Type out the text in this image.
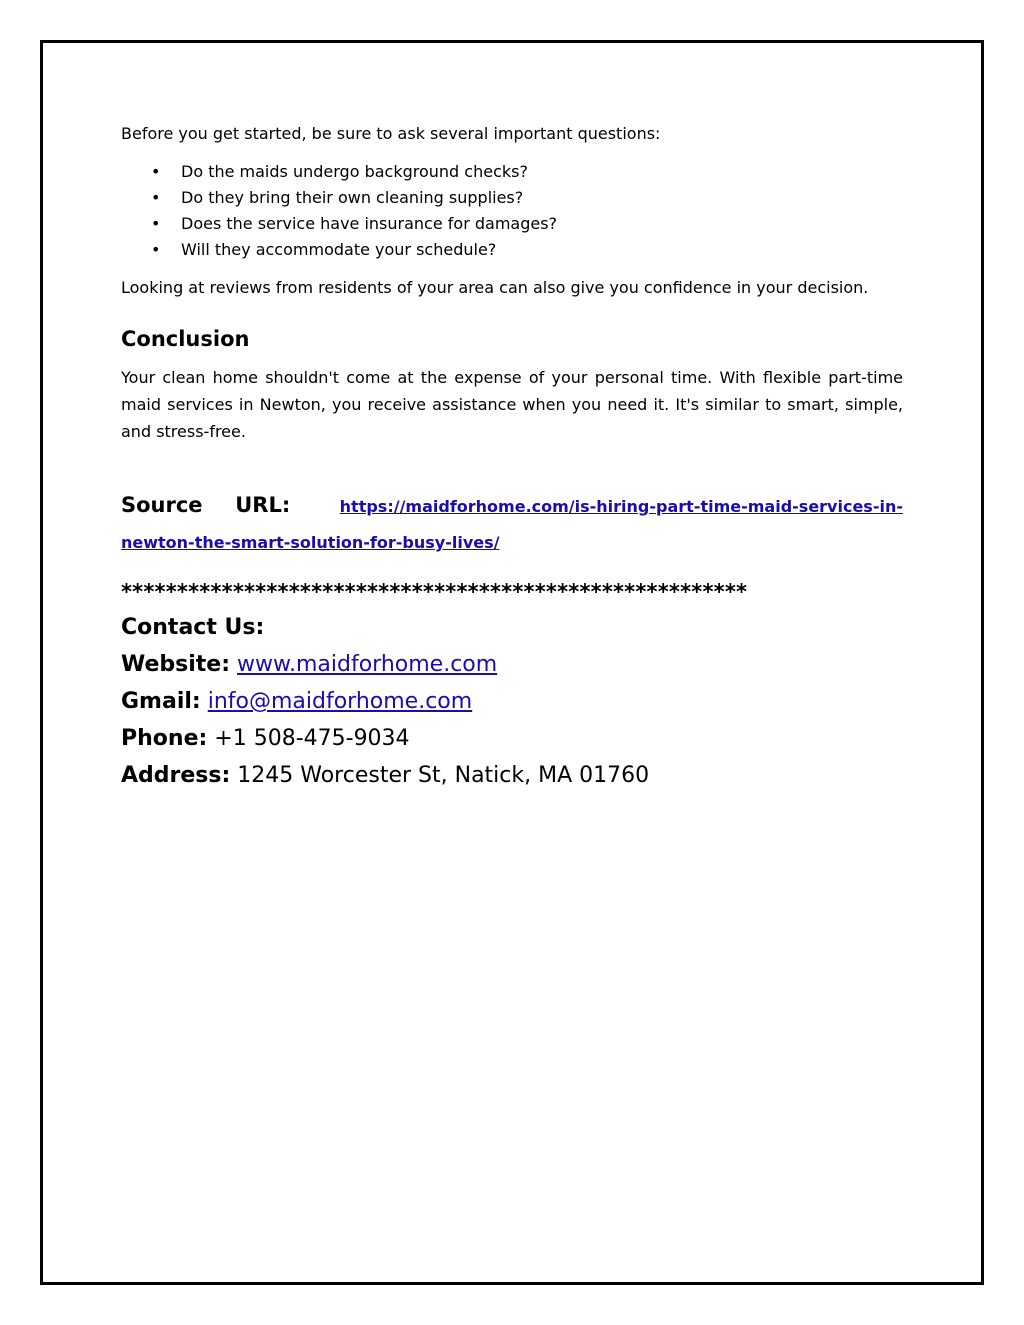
Before you get started, be sure to ask several important questions:

• Do the maids undergo background checks?
• Do they bring their own cleaning supplies?
• Does the service have insurance for damages?
• Will they accommodate your schedule?

Looking at reviews from residents of your area can also give you confidence in your decision.

Conclusion

Your clean home shouldn't come at the expense of your personal time. With flexible part-time maid services in Newton, you receive assistance when you need it. It's similar to smart, simple, and stress-free.

Source URL:	https://maidforhome.com/is-hiring-part-time-maid-services-in-newton-the-smart-solution-for-busy-lives/
********************************************************
Contact Us:
Website: www.maidforhome.com
Gmail: info@maidforhome.com
Phone: +1 508-475-9034
Address: 1245 Worcester St, Natick, MA 01760
